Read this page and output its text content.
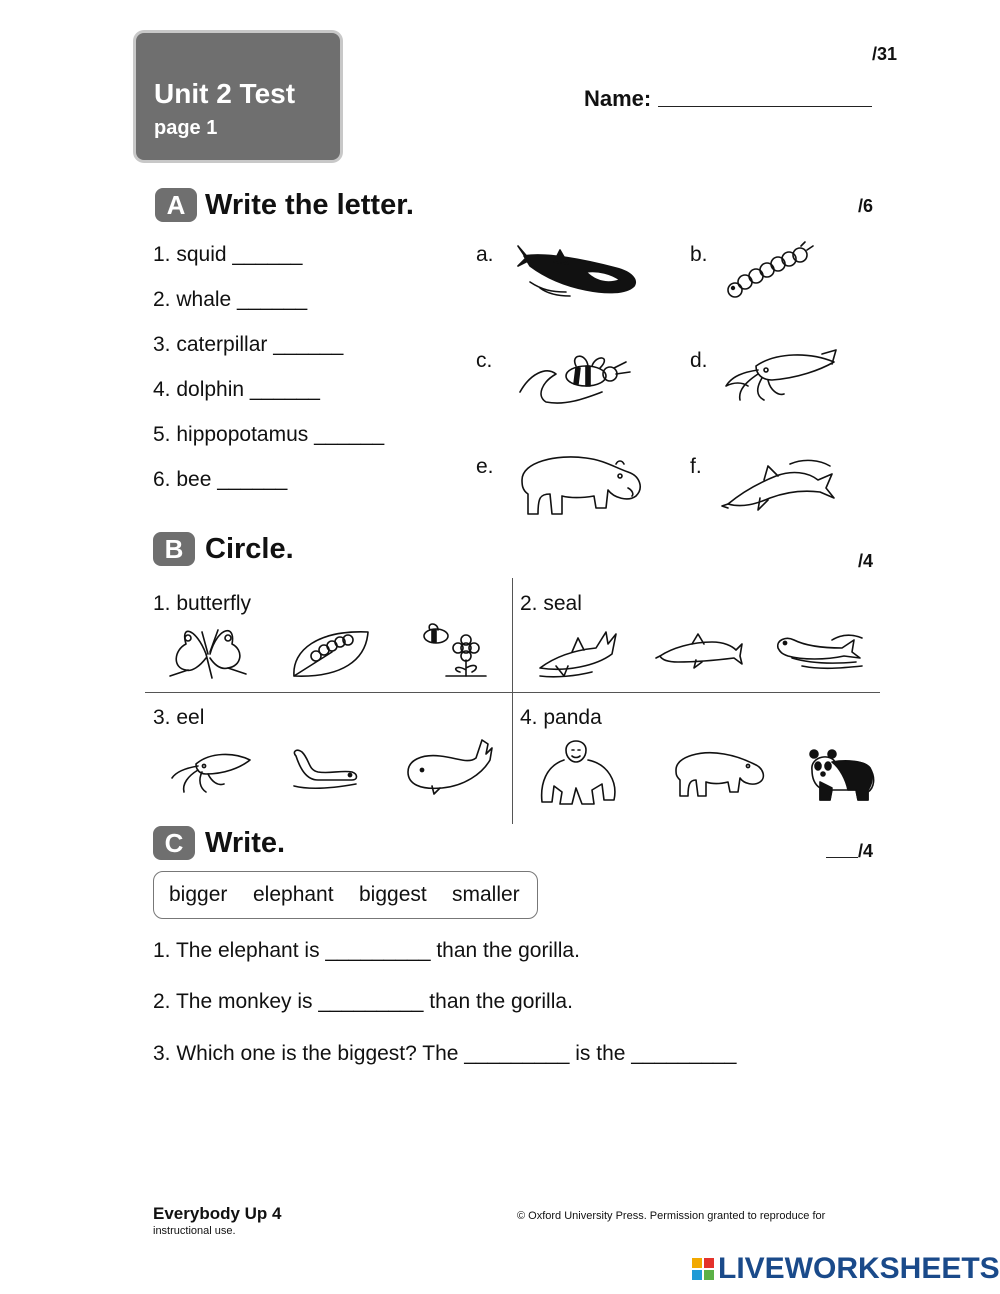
Unit 2 Test
page 1
/31
Name:
A Write the letter.	/6
1. squid ______
2. whale ______
3. caterpillar ______
4. dolphin ______
5. hippopotamus ______
6. bee ______
a.	b.
c.	d.
e.	f.
B Circle.	/4
1. butterfly	2. seal
3. eel	4. panda
C Write.	/4
bigger elephant biggest smaller
1. The elephant is _________ than the gorilla.
2. The monkey is _________ than the gorilla.
3. Which one is the biggest? The _________ is the _________
Everybody Up 4
instructional use.
© Oxford University Press. Permission granted to reproduce for
LIVEWORKSHEETS
